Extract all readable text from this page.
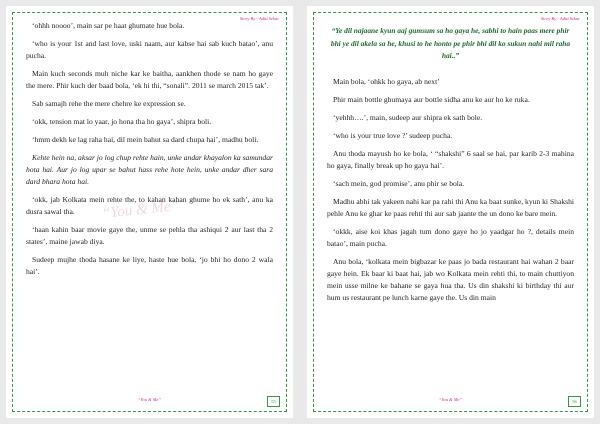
Story By - Aditi Sekar
“You & Me”

‘ohhh noooo’, main sar pe haat ghumate hue bola.

‘who is your 1st and last love, uski naam, aur kabse hai sab kuch batao’, anu pucha.

Main kuch seconds muh niche kar ke baitha, aankhen thode se nam ho gaye the mere. Phir kuch der baad bola, ‘ek hi thi, “sonali”. 2011 se march 2015 tak’.

Sab samajh rehe the mere chehre ke expression se.

‘okk, tension mat lo yaar, jo hona tha ho gaya’, shipra boli.

‘hmm dekh ke lag raha hai, dil mein bahut sa dard chupa hai’, madhu boli.

Kehte hein na, aksar jo log chup rehte hain, unke andar khayalon ka samundar hota hai. Aur jo log upar se bahut hass rehe hote hein, unke andar dher sara dard bhara hota hai.

‘okk, jab Kolkata mein rehte the, to kahan kahan ghume ho ek sath’, anu ka dusra sawal tha.

‘haan kahin baar movie gaye the, unme se pehla tha ashiqui 2 aur last tha 2 states’, maine jawab diya.

Sudeep mujhe thoda hasane ke liye, haste hue bola, ‘jo bhi ho dono 2 wala hai’.

“You & Me”	55
Story By - Aditi Sekar
“Ye dil najaane kyun aaj gumsum sa ho gaya he, sabhi to hain paas mere phir bhi ye dil akela sa he, khusi to he honto pe phir bhi dil ko sukun nahi mil raha hai..”

Main bola, ‘ohkk ho gaya, ab next’

Phir main bottle ghumaya aur bottle sidha anu ke aur ho ke ruka.

‘yehhh….’, main, sudeep aur shipra ek sath bole.

‘who is your true love ?’ sudeep pucha.

Anu thoda mayush ho ke bola, ‘ “shakshi” 6 saal se hai, par karib 2-3 mahina ho gaya, finally break up ho gaya hai’.

‘sach mein, god promise’, anu phir se bola.

Madhu abhi tak yakeen nahi kar pa rahi thi Anu ka baat sunke, kyun ki Shakshi pehle Anu ke ghar ke paas rehti thi aur sab jaante the un dono ke bare mein.

‘okkk, aise koi khas jagah tum dono gaye ho jo yaadgar ho ?, details mein batao’, main pucha.

Anu bola, ‘kolkata mein bigbazar ke paas jo bada restaurant hai wahan 2 baar gaye hein. Ek baar ki baat hai, jab wo Kolkata mein rehti thi, to main chuttiyon mein usse milne ke bahane se gaya hua tha. Us din shakshi ki birthday thi aur hum us restaurant pe lunch karne gaye the. Us din main

“You & Me”	56
